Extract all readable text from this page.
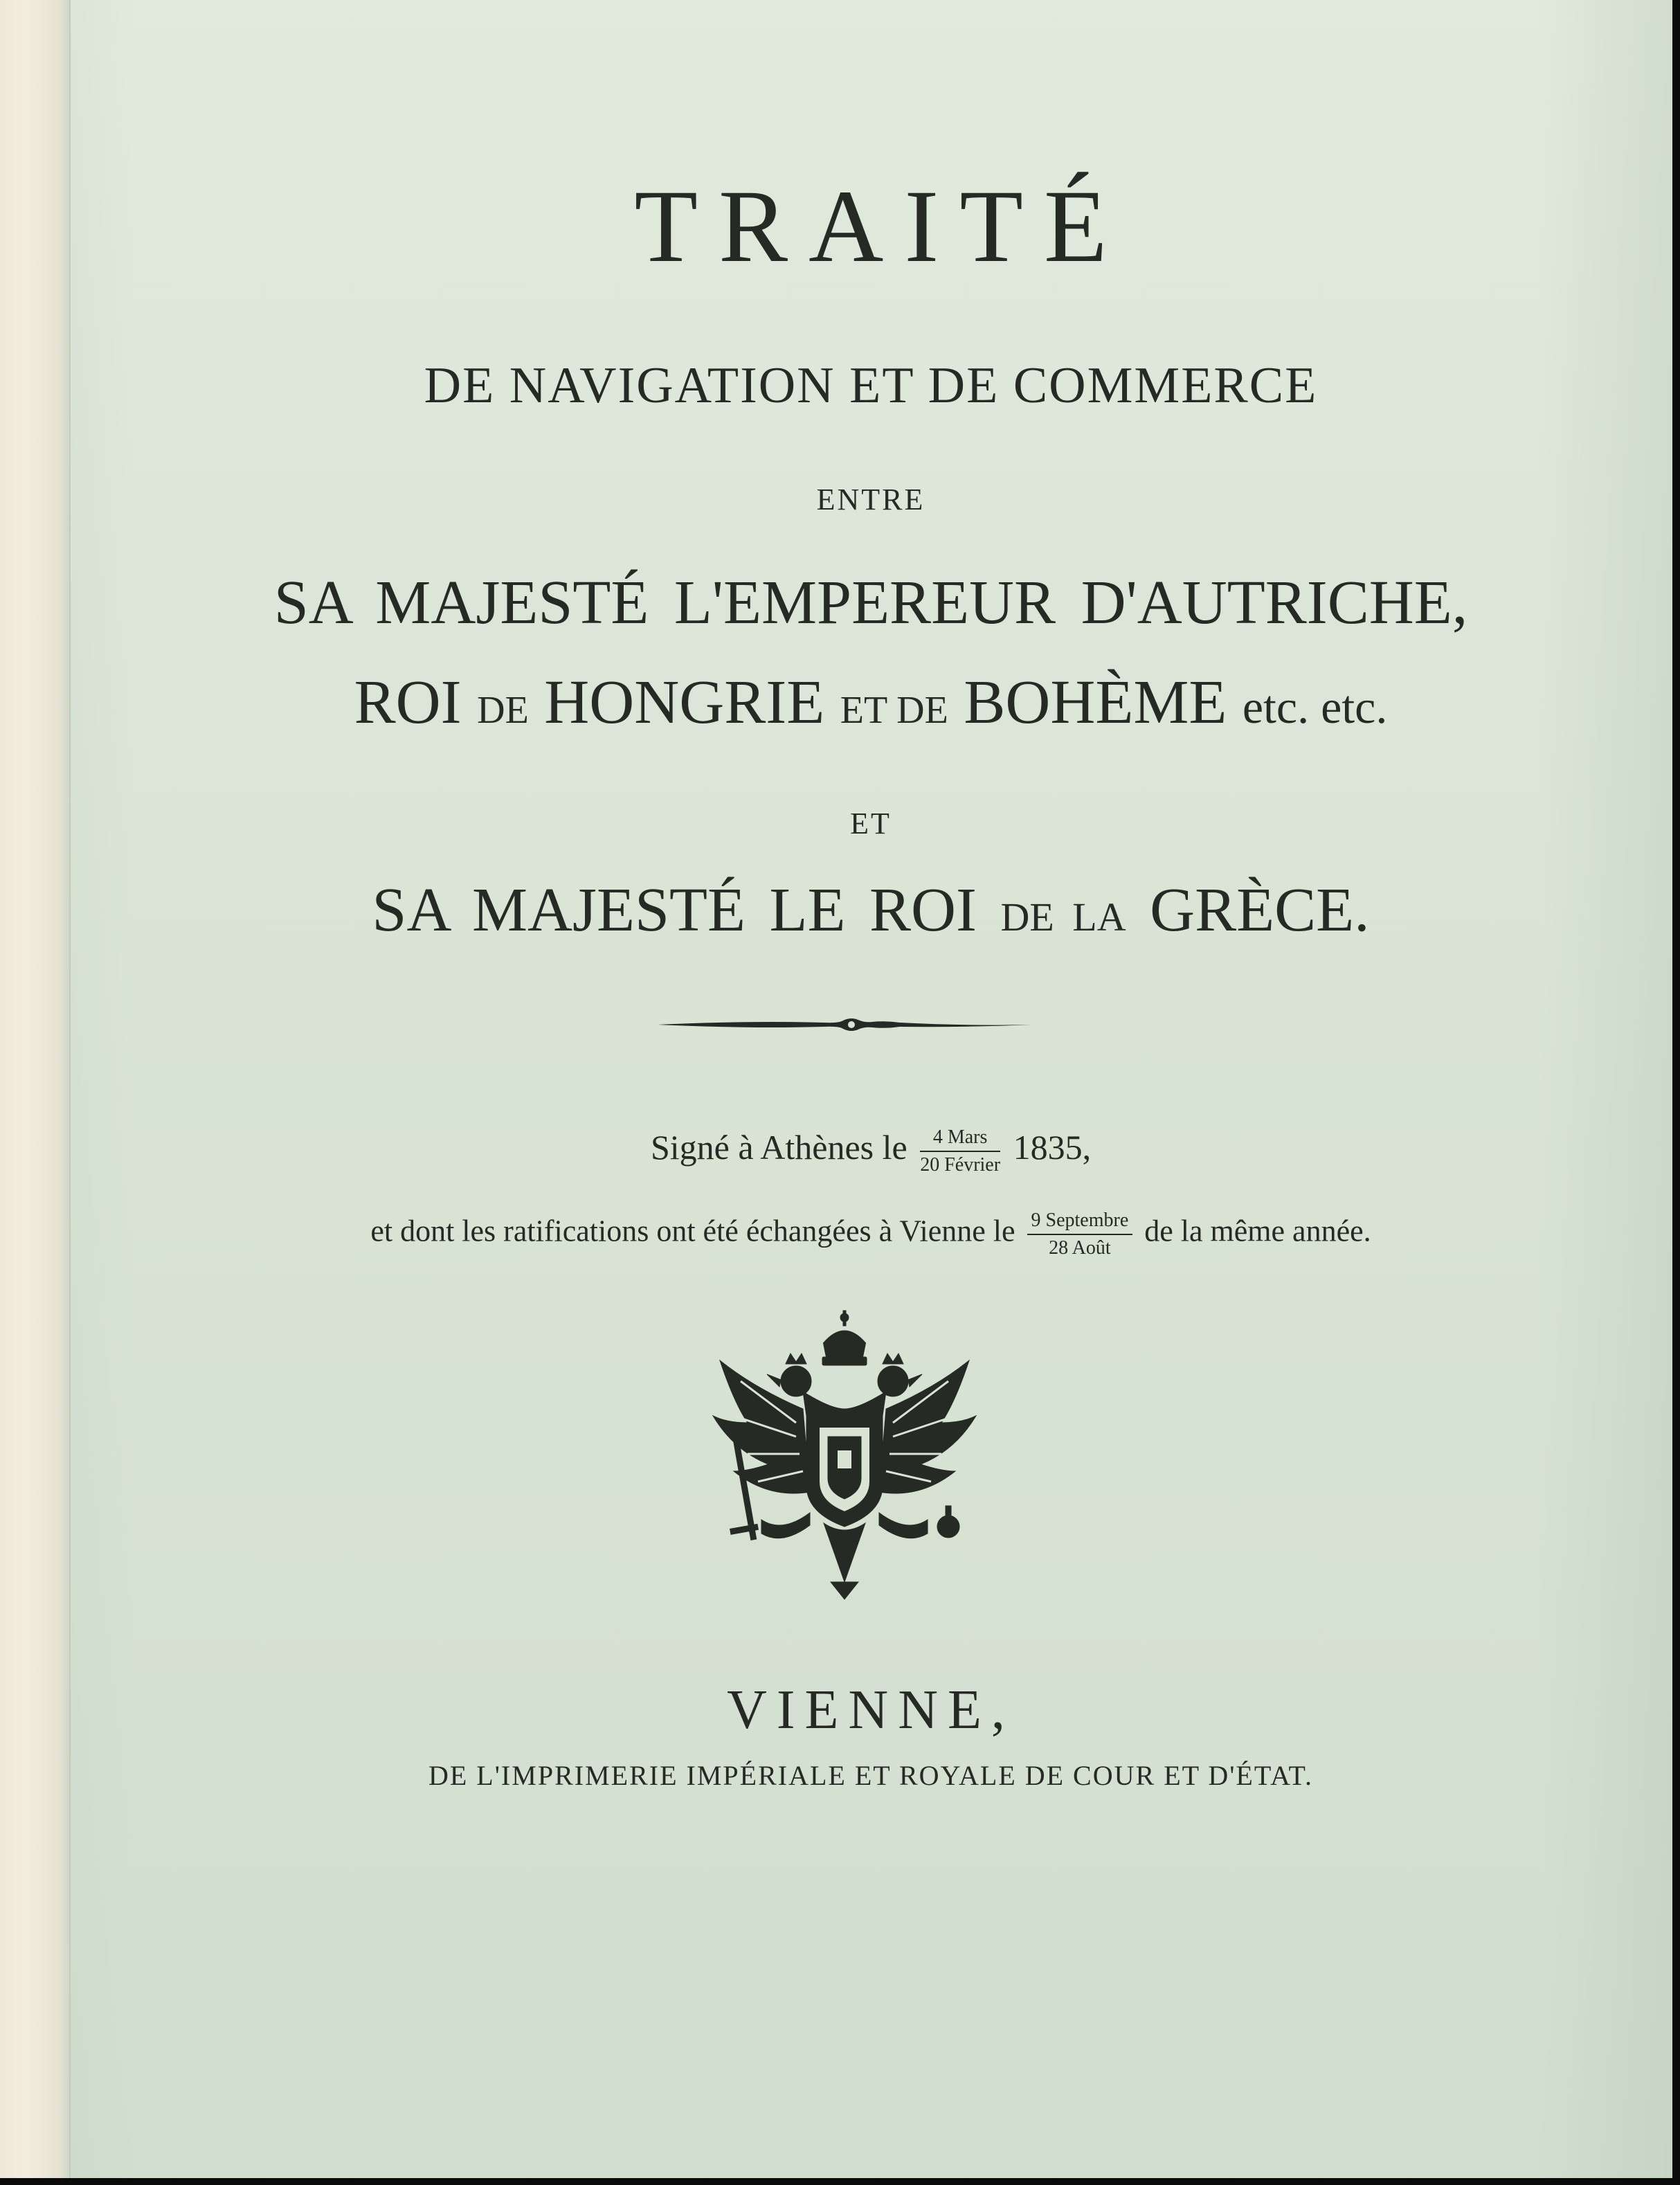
TRAITÉ
DE NAVIGATION ET DE COMMERCE
ENTRE
SA MAJESTÉ L'EMPEREUR D'AUTRICHE,
ROI DE HONGRIE ET DE BOHÈME etc. etc.
ET
SA MAJESTÉ LE ROI DE LA GRÈCE.
Signé à Athènes le $\frac{\text{4 Mars}}{\text{20 Février}} 1835$,
et dont les ratifications ont été échangées à Vienne le $\frac{\text{9 Septembre}}{\text{28 Août}}$ de la même année.
VIENNE,
DE L'IMPRIMERIE IMPÉRIALE ET ROYALE DE COUR ET D'ÉTAT.
